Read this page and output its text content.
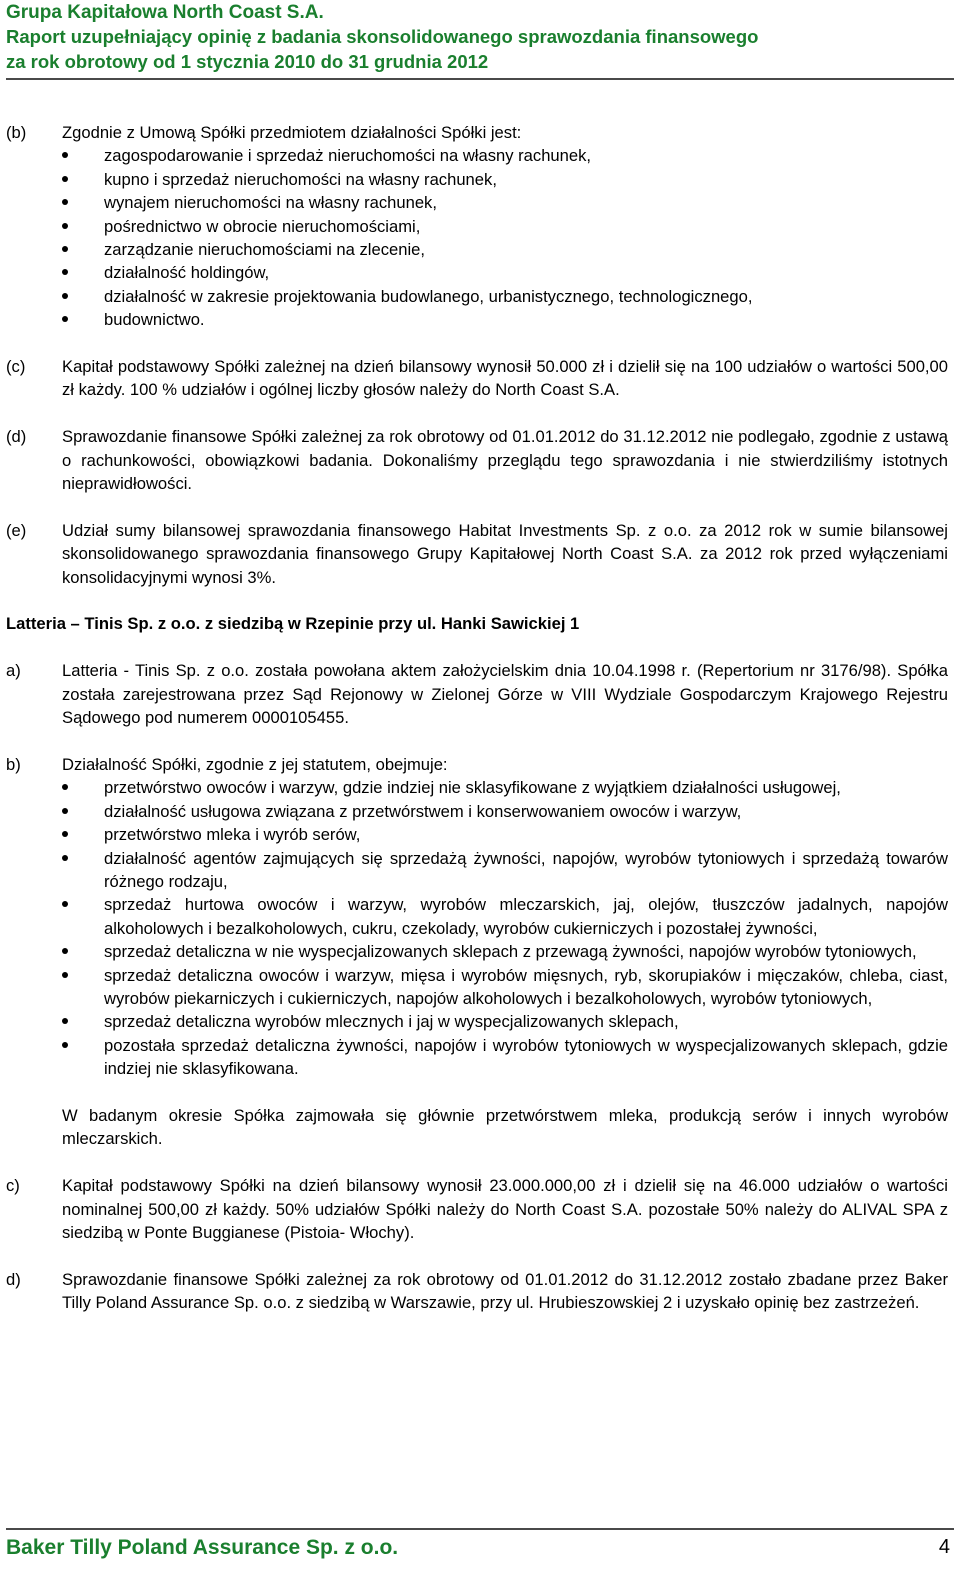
Grupa Kapitałowa North Coast S.A.
Raport uzupełniający opinię z badania skonsolidowanego sprawozdania finansowego
za rok obrotowy od 1 stycznia 2010 do 31 grudnia 2012
(b) Zgodnie z Umową Spółki przedmiotem działalności Spółki jest:
zagospodarowanie i sprzedaż nieruchomości na własny rachunek,
kupno i sprzedaż nieruchomości na własny rachunek,
wynajem nieruchomości na własny rachunek,
pośrednictwo w obrocie nieruchomościami,
zarządzanie nieruchomościami na zlecenie,
działalność holdingów,
działalność w zakresie projektowania budowlanego, urbanistycznego, technologicznego,
budownictwo.
(c) Kapitał podstawowy Spółki zależnej na dzień bilansowy wynosił 50.000 zł i dzielił się na 100 udziałów o wartości 500,00 zł każdy. 100 % udziałów i ogólnej liczby głosów należy do North Coast S.A.
(d) Sprawozdanie finansowe Spółki zależnej za rok obrotowy od 01.01.2012 do 31.12.2012 nie podlegało, zgodnie z ustawą o rachunkowości, obowiązkowi badania. Dokonaliśmy przeglądu tego sprawozdania i nie stwierdziliśmy istotnych nieprawidłowości.
(e) Udział sumy bilansowej sprawozdania finansowego Habitat Investments Sp. z o.o. za 2012 rok w sumie bilansowej skonsolidowanego sprawozdania finansowego Grupy Kapitałowej North Coast S.A. za 2012 rok przed wyłączeniami konsolidacyjnymi wynosi 3%.
Latteria – Tinis Sp. z o.o. z siedzibą w Rzepinie przy ul. Hanki Sawickiej 1
a) Latteria - Tinis Sp. z o.o. została powołana aktem założycielskim dnia 10.04.1998 r. (Repertorium nr 3176/98). Spółka została zarejestrowana przez Sąd Rejonowy w Zielonej Górze w VIII Wydziale Gospodarczym Krajowego Rejestru Sądowego pod numerem 0000105455.
b) Działalność Spółki, zgodnie z jej statutem, obejmuje:
przetwórstwo owoców i warzyw, gdzie indziej nie sklasyfikowane z wyjątkiem działalności usługowej,
działalność usługowa związana z przetwórstwem i konserwowaniem owoców i warzyw,
przetwórstwo mleka i wyrób serów,
działalność agentów zajmujących się sprzedażą żywności, napojów, wyrobów tytoniowych i sprzedażą towarów różnego rodzaju,
sprzedaż hurtowa owoców i warzyw, wyrobów mleczarskich, jaj, olejów, tłuszczów jadalnych, napojów alkoholowych i bezalkoholowych, cukru, czekolady, wyrobów cukierniczych i pozostałej żywności,
sprzedaż detaliczna w nie wyspecjalizowanych sklepach z przewagą żywności, napojów wyrobów tytoniowych,
sprzedaż detaliczna owoców i warzyw, mięsa i wyrobów mięsnych, ryb, skorupiaków i mięczaków, chleba, ciast, wyrobów piekarniczych i cukierniczych, napojów alkoholowych i bezalkoholowych, wyrobów tytoniowych,
sprzedaż detaliczna wyrobów mlecznych i jaj w wyspecjalizowanych sklepach,
pozostała sprzedaż detaliczna żywności, napojów i wyrobów tytoniowych w wyspecjalizowanych sklepach, gdzie indziej nie sklasyfikowana.
W badanym okresie Spółka zajmowała się głównie przetwórstwem mleka, produkcją serów i innych wyrobów mleczarskich.
c)	Kapitał podstawowy Spółki na dzień bilansowy wynosił 23.000.000,00 zł i dzielił się na 46.000 udziałów o wartości nominalnej 500,00 zł każdy. 50% udziałów Spółki należy do North Coast S.A. pozostałe 50% należy do ALIVAL SPA z siedzibą w Ponte Buggianese (Pistoia- Włochy).
d) Sprawozdanie finansowe Spółki zależnej za rok obrotowy od 01.01.2012 do 31.12.2012 zostało zbadane przez Baker Tilly Poland Assurance Sp. o.o. z siedzibą w Warszawie, przy ul. Hrubieszowskiej 2 i uzyskało opinię bez zastrzeżeń.
Baker Tilly Poland Assurance Sp. z o.o.	4
